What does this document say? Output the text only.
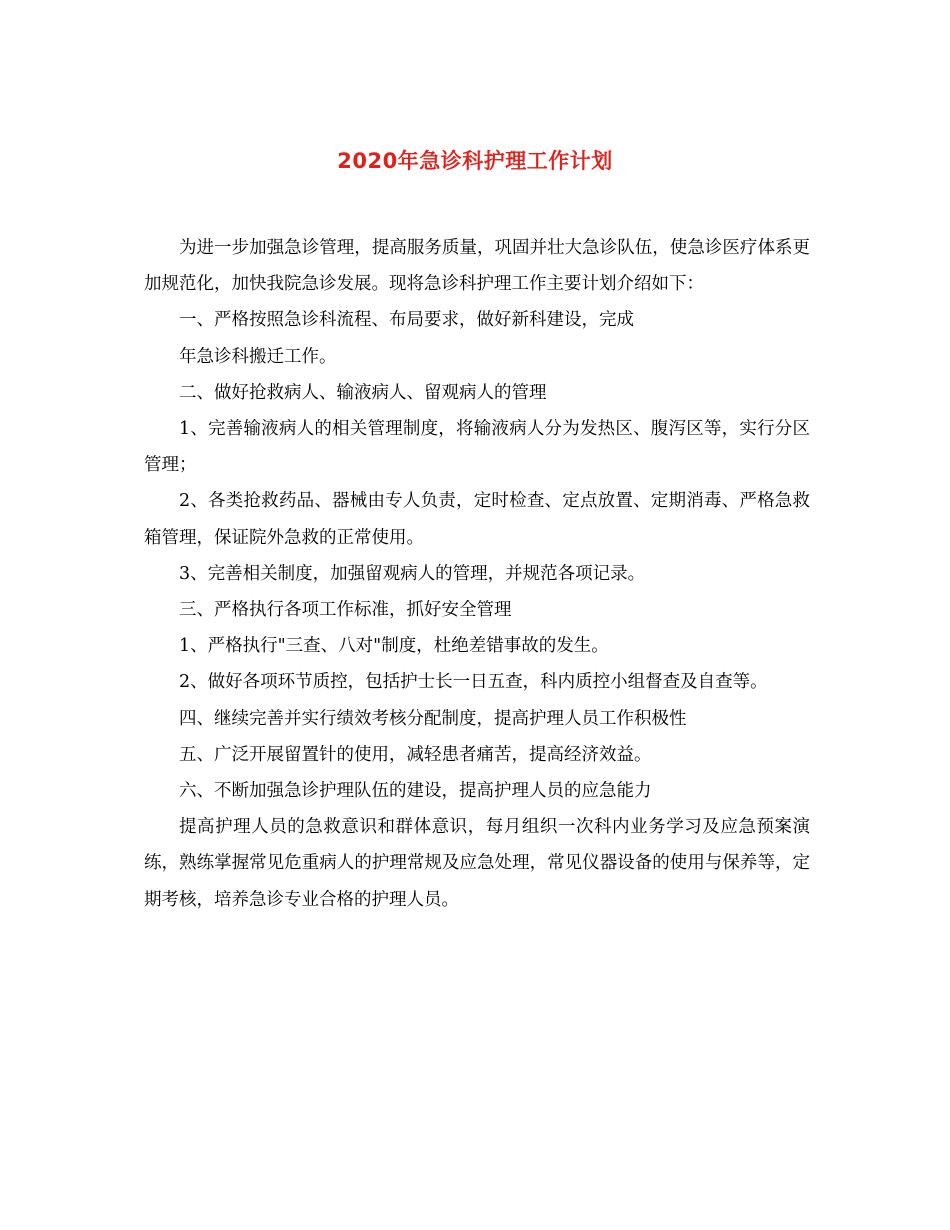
2020年急诊科护理工作计划

为进一步加强急诊管理，提高服务质量，巩固并壮大急诊队伍，使急诊医疗体系更加规范化，加快我院急诊发展。现将急诊科护理工作主要计划介绍如下：

一、严格按照急诊科流程、布局要求，做好新科建设，完成

年急诊科搬迁工作。

二、做好抢救病人、输液病人、留观病人的管理

1、完善输液病人的相关管理制度，将输液病人分为发热区、腹泻区等，实行分区管理；

2、各类抢救药品、器械由专人负责，定时检查、定点放置、定期消毒、严格急救箱管理，保证院外急救的正常使用。

3、完善相关制度，加强留观病人的管理，并规范各项记录。

三、严格执行各项工作标准，抓好安全管理

1、严格执行"三查、八对"制度，杜绝差错事故的发生。

2、做好各项环节质控，包括护士长一日五查，科内质控小组督查及自查等。

四、继续完善并实行绩效考核分配制度，提高护理人员工作积极性

五、广泛开展留置针的使用，减轻患者痛苦，提高经济效益。

六、不断加强急诊护理队伍的建设，提高护理人员的应急能力

提高护理人员的急救意识和群体意识，每月组织一次科内业务学习及应急预案演练，熟练掌握常见危重病人的护理常规及应急处理，常见仪器设备的使用与保养等，定期考核，培养急诊专业合格的护理人员。
